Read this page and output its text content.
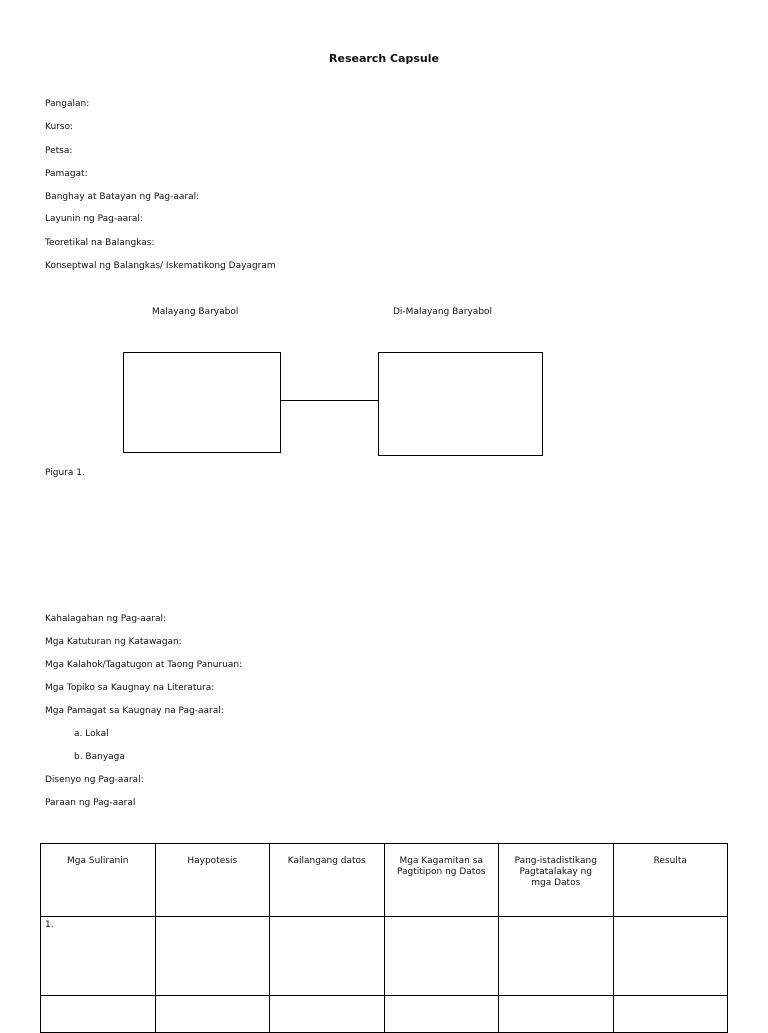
Research Capsule
Pangalan:
Kurso:
Petsa:
Pamagat:
Banghay at Batayan ng Pag-aaral:
Layunin ng Pag-aaral:
Teoretikal na Balangkas:
Konseptwal ng Balangkas/ Iskematikong Dayagram
Malayang Baryabol	Di-Malayang Baryabol
Pigura 1.
Kahalagahan ng Pag-aaral:
Mga Katuturan ng Katawagan:
Mga Kalahok/Tagatugon at Taong Panuruan:
Mga Topiko sa Kaugnay na Literatura:
Mga Pamagat sa Kaugnay na Pag-aaral:
a. Lokal
b. Banyaga
Disenyo ng Pag-aaral:
Paraan ng Pag-aaral
Mga Suliranin	Haypotesis	Kailangang datos	Mga Kagamitan sa Pagtitipon ng Datos	Pang-istadistikang Pagtatalakay ng mga Datos	Resulta
1.					
